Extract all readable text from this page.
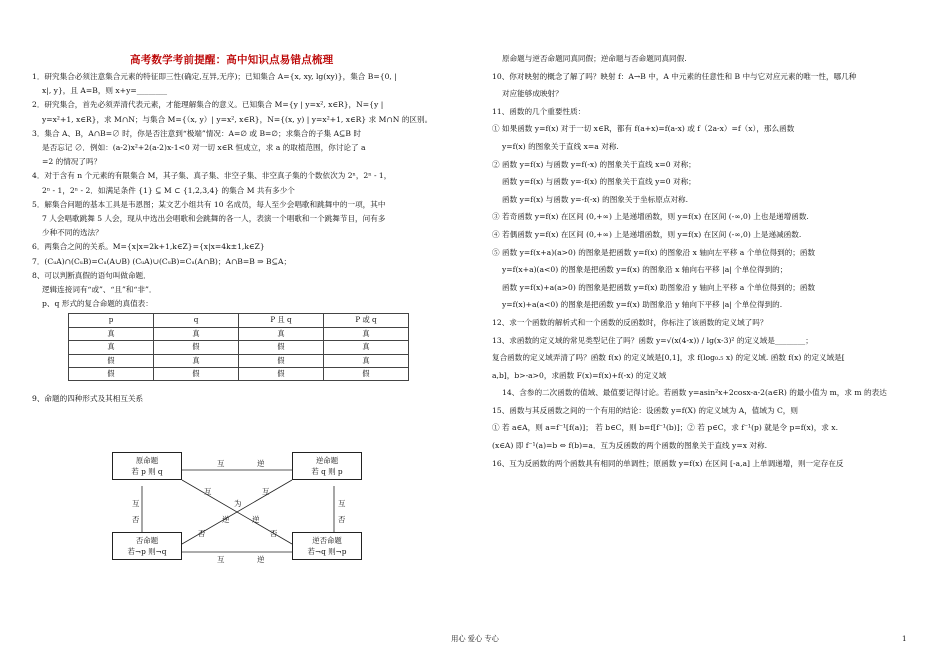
高考数学考前提醒：高中知识点易错点梳理
1．研究集合必须注意集合元素的特征即三性(确定,互异,无序)；已知集合 A={x, xy, lg(xy)}，集合 B={0, |
x|, y}，且 A=B，则 x+y=________
2．研究集合，首先必须弄清代表元素，才能理解集合的意义。已知集合 M={y | y=x², x∈R}，N={y |
y=x²+1, x∈R}，求 M∩N；与集合 M={（x, y）| y=x², x∈R}，N={(x, y) | y=x²+1, x∈R} 求 M∩N 的区别。
3．集合 A、B，A∩B=∅ 时，你是否注意到“极端”情况：A=∅ 或 B=∅；求集合的子集 A⊆B 时
是否忘记 ∅．例如：(a-2)x²+2(a-2)x-1<0 对一切 x∈R 恒成立，求 a 的取植范围，你讨论了 a
=2 的情况了吗？
4．对于含有 n 个元素的有限集合 M，其子集、真子集、非空子集、非空真子集的个数依次为 2ⁿ，2ⁿ - 1，
2ⁿ - 1，2ⁿ - 2．如满足条件 {1} ⊆ M ⊂ {1,2,3,4} 的集合 M 共有多少个
5．解集合问题的基本工具是韦恩图；某文艺小组共有 10 名成员，每人至少会唱歌和跳舞中的一项，其中
7 人会唱歌跳舞 5 人会，现从中选出会唱歌和会跳舞的各一人，表演一个唱歌和一个跳舞节目，问有多
少种不同的选法？
6．两集合之间的关系。M={x|x=2k+1,k∈Z}={x|x=4k±1,k∈Z}
7．(CᵤA)∩(CᵤB)=Cᵤ(A∪B) (CᵤA)∪(CᵤB)=Cᵤ(A∩B)；A∩B=B ⇒ B⊆A；
8、可以判断真假的语句叫做命题．
逻辑连接词有“或”、“且”和“非”．
p、q 形式的复合命题的真值表：
p	q	P 且 q	P 或 q
真	真	真	真
真	假	假	真
假	真	假	真
假	假	假	假
9、命题的四种形式及其相互关系
原命题
若 p 则 q
逆命题
若 q 则 p
否命题
若¬p 则¬q
逆否命题
若¬q 则¬p
互	逆
互	逆
互
否
互
否
互	互
为
逆	逆
否	否
原命题与逆否命题同真同假；逆命题与否命题同真同假.
10、你对映射的概念了解了吗？映射 f：A→B 中，A 中元素的任意性和 B 中与它对应元素的唯一性，哪几种
对应能够成映射？
11、函数的几个重要性质：
① 如果函数 y=f(x) 对于一切 x∈R，都有 f(a+x)=f(a-x) 或 f（2a-x）=f（x），那么函数
y=f(x) 的图象关于直线 x=a 对称.
② 函数 y=f(x) 与函数 y=f(-x) 的图象关于直线 x=0 对称；
函数 y=f(x) 与函数 y=-f(x) 的图象关于直线 y=0 对称；
函数 y=f(x) 与函数 y=-f(-x) 的图象关于坐标原点对称.
③ 若奇函数 y=f(x) 在区间 (0,+∞) 上是递增函数，则 y=f(x) 在区间 (-∞,0) 上也是递增函数.
④ 若偶函数 y=f(x) 在区间 (0,+∞) 上是递增函数，则 y=f(x) 在区间 (-∞,0) 上是递减函数.
⑤ 函数 y=f(x+a)(a>0) 的图象是把函数 y=f(x) 的图象沿 x 轴向左平移 a 个单位得到的；函数
y=f(x+a)(a<0) 的图象是把函数 y=f(x) 的图象沿 x 轴向右平移 |a| 个单位得到的；
函数 y=f(x)+a(a>0) 的图象是把函数 y=f(x) 助图象沿 y 轴向上平移 a 个单位得到的；函数
y=f(x)+a(a<0) 的图象是把函数 y=f(x) 助图象沿 y 轴向下平移 |a| 个单位得到的.
12、求一个函数的解析式和一个函数的反函数时，你标注了该函数的定义域了吗？
13、求函数的定义域的常见类型记住了吗？函数 y=√(x(4-x)) / lg(x-3)² 的定义域是________；
复合函数的定义域弄清了吗？函数 f(x) 的定义域是[0,1]，求 f(log₀.₅ x) 的定义域. 函数 f(x) 的定义域是[
a,b]，b>-a>0，求函数 F(x)=f(x)+f(-x) 的定义域
14、含参的二次函数的值域、最值要记得讨论。若函数 y=asin²x+2cosx-a-2(a∈R) 的最小值为 m，求 m 的表达
15、函数与其反函数之间的一个有用的结论：设函数 y=f(X) 的定义域为 A，值域为 C，则
① 若 a∈A，则 a=f⁻¹[f(a)]； 若 b∈C，则 b=f[f⁻¹(b)]；② 若 p∈C，求 f⁻¹(p) 就是令 p=f(x)，求 x.
(x∈A) 即 f⁻¹(a)=b ⇔ f(b)=a．互为反函数的两个函数的图象关于直线 y=x 对称.
16、互为反函数的两个函数具有相同的单调性；原函数 y=f(x) 在区间 [-a,a] 上单调递增，则一定存在反
用心 爱心 专心	1
